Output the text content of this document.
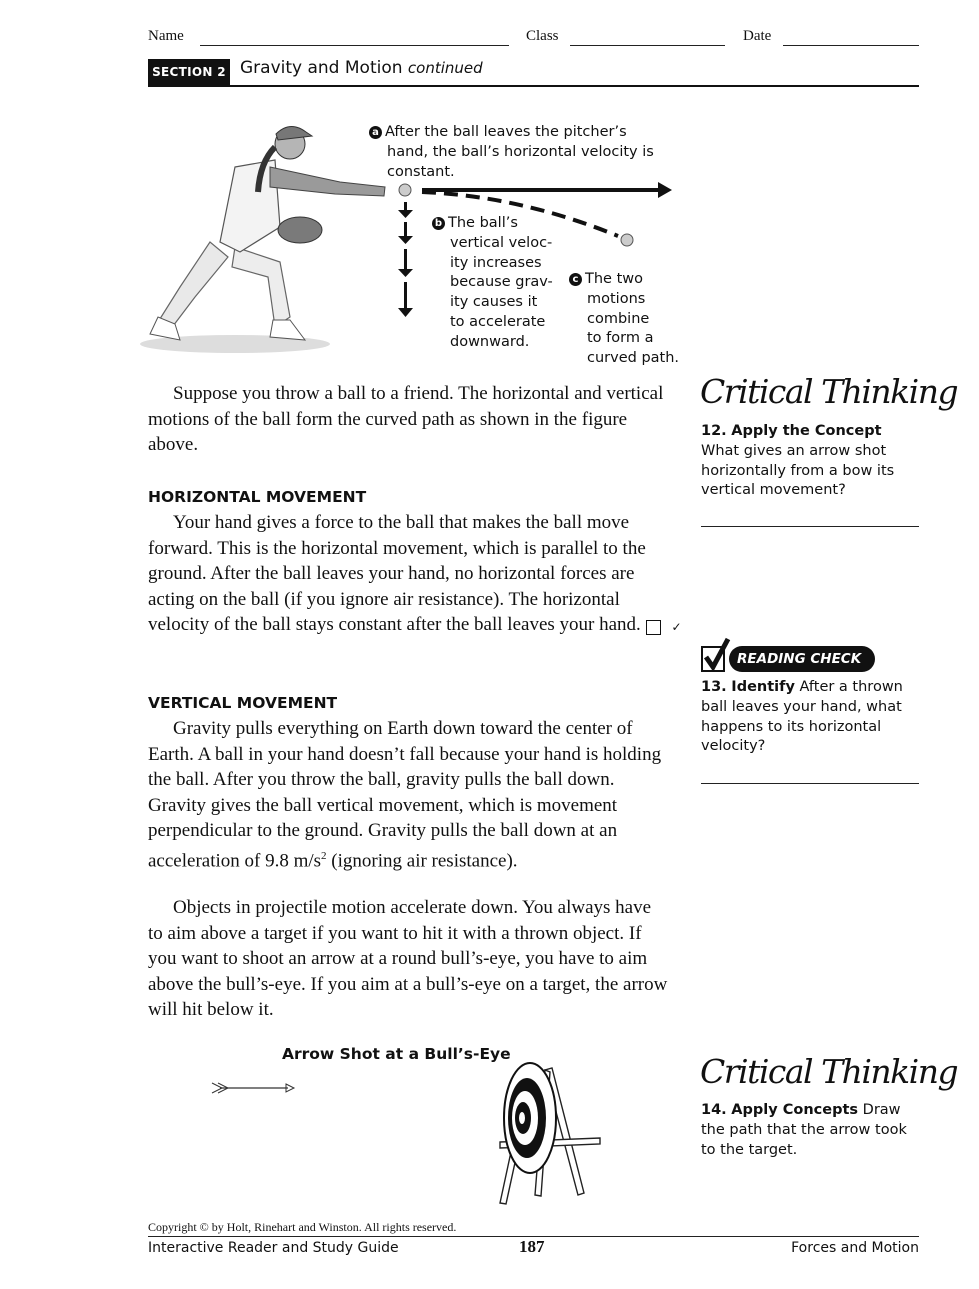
Name	Class	Date
SECTION 2 Gravity and Motion continued
a After the ball leaves the pitcher’s
hand, the ball’s horizontal velocity is
constant.
b The ball’s
vertical veloc-
ity increases
because grav-
ity causes it
to accelerate
downward.
c The two
motions
combine
to form a
curved path.

Suppose you throw a ball to a friend. The horizontal and vertical motions of the ball form the curved path as shown in the figure above.

HORIZONTAL MOVEMENT

Your hand gives a force to the ball that makes the ball move forward. This is the horizontal movement, which is parallel to the ground. After the ball leaves your hand, no horizontal forces are acting on the ball (if you ignore air resistance). The horizontal velocity of the ball stays constant after the ball leaves your hand.	✓

VERTICAL MOVEMENT

Gravity pulls everything on Earth down toward the center of Earth. A ball in your hand doesn’t fall because your hand is holding the ball. After you throw the ball, gravity pulls the ball down. Gravity gives the ball vertical movement, which is movement perpendicular to the ground. Gravity pulls the ball down at an acceleration of 9.8 $m/s^2$ (ignoring air resistance).

Objects in projectile motion accelerate down. You always have to aim above a target if you want to hit it with a thrown object. If you want to shoot an arrow at a round bull’s-eye, you have to aim above the bull’s-eye. If you aim at a bull’s-eye on a target, the arrow will hit below it.

Arrow Shot at a Bull’s-Eye
Critical Thinking
12. Apply the Concept
What gives an arrow shot horizontally from a bow its vertical movement?
READING CHECK
13. Identify After a thrown ball leaves your hand, what happens to its horizontal velocity?
Critical Thinking
14. Apply Concepts Draw the path that the arrow took to the target.
Copyright © by Holt, Rinehart and Winston. All rights reserved.
Interactive Reader and Study Guide	187	Forces and Motion
